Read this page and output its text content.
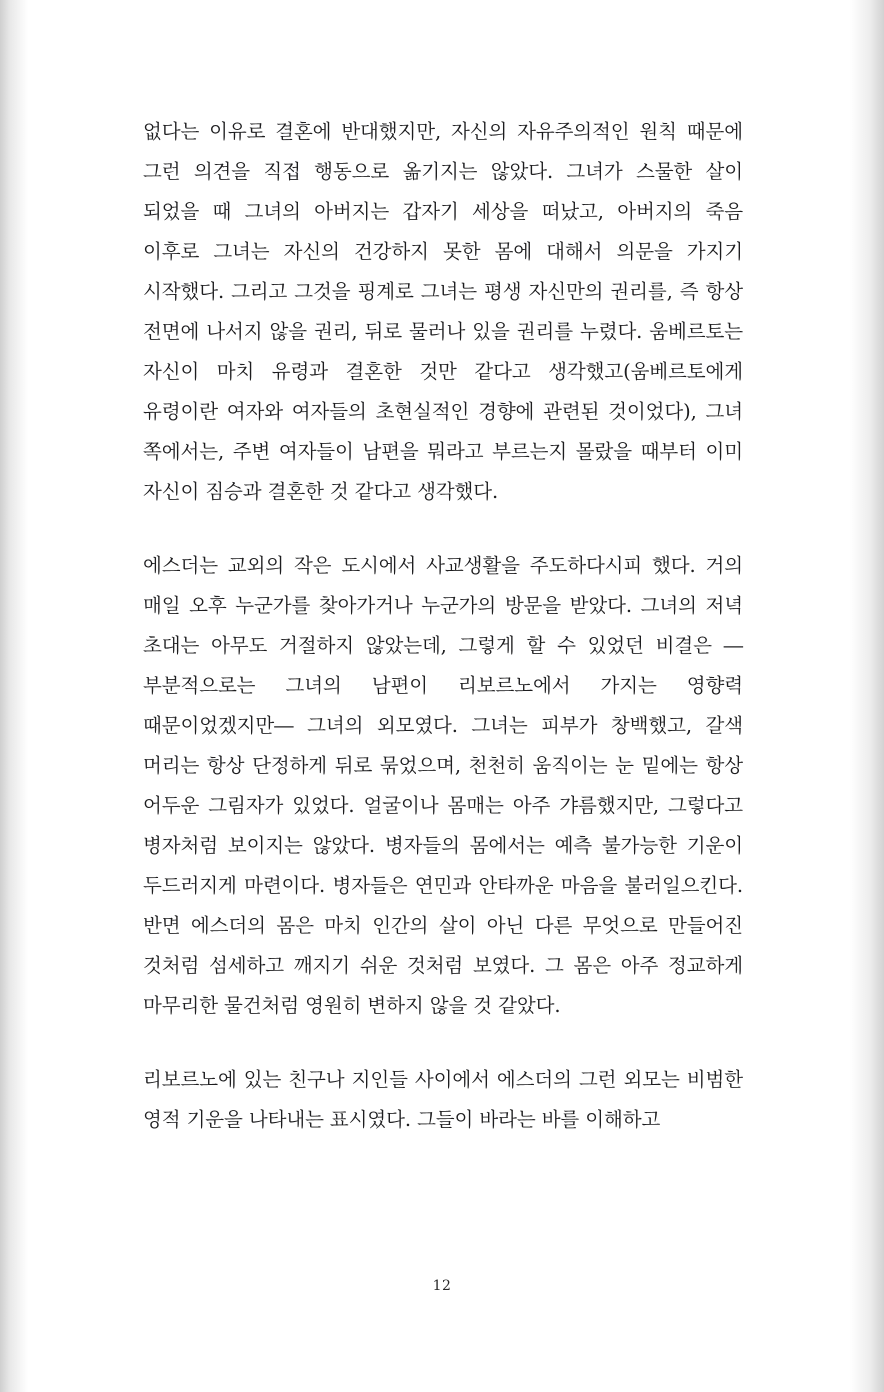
없다는 이유로 결혼에 반대했지만, 자신의 자유주의적인 원칙 때문에 그런 의견을 직접 행동으로 옮기지는 않았다. 그녀가 스물한 살이 되었을 때 그녀의 아버지는 갑자기 세상을 떠났고, 아버지의 죽음 이후로 그녀는 자신의 건강하지 못한 몸에 대해서 의문을 가지기 시작했다. 그리고 그것을 핑계로 그녀는 평생 자신만의 권리를, 즉 항상 전면에 나서지 않을 권리, 뒤로 물러나 있을 권리를 누렸다. 움베르토는 자신이 마치 유령과 결혼한 것만 같다고 생각했고(움베르토에게 유령이란 여자와 여자들의 초현실적인 경향에 관련된 것이었다), 그녀 쪽에서는, 주변 여자들이 남편을 뭐라고 부르는지 몰랐을 때부터 이미 자신이 짐승과 결혼한 것 같다고 생각했다.

에스더는 교외의 작은 도시에서 사교생활을 주도하다시피 했다. 거의 매일 오후 누군가를 찾아가거나 누군가의 방문을 받았다. 그녀의 저녁 초대는 아무도 거절하지 않았는데, 그렇게 할 수 있었던 비결은 ―부분적으로는 그녀의 남편이 리보르노에서 가지는 영향력 때문이었겠지만― 그녀의 외모였다. 그녀는 피부가 창백했고, 갈색 머리는 항상 단정하게 뒤로 묶었으며, 천천히 움직이는 눈 밑에는 항상 어두운 그림자가 있었다. 얼굴이나 몸매는 아주 갸름했지만, 그렇다고 병자처럼 보이지는 않았다. 병자들의 몸에서는 예측 불가능한 기운이 두드러지게 마련이다. 병자들은 연민과 안타까운 마음을 불러일으킨다. 반면 에스더의 몸은 마치 인간의 살이 아닌 다른 무엇으로 만들어진 것처럼 섬세하고 깨지기 쉬운 것처럼 보였다. 그 몸은 아주 정교하게 마무리한 물건처럼 영원히 변하지 않을 것 같았다.

리보르노에 있는 친구나 지인들 사이에서 에스더의 그런 외모는 비범한 영적 기운을 나타내는 표시였다. 그들이 바라는 바를 이해하고

12
